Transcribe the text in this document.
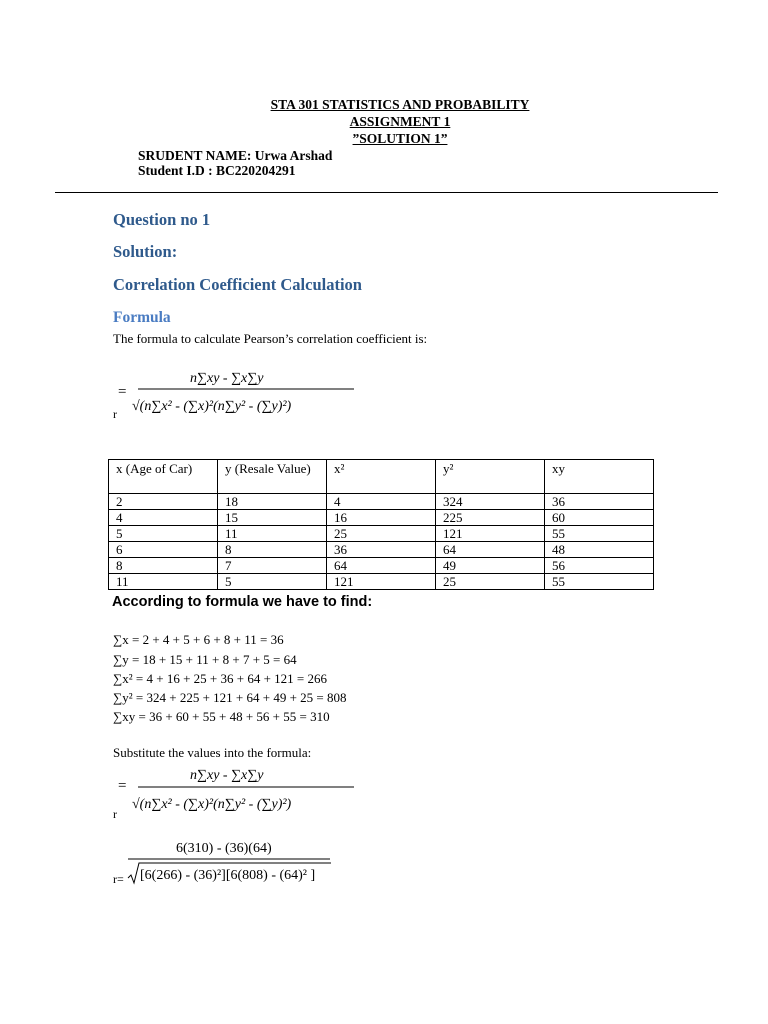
STA 301 STATISTICS AND PROBABILITY
ASSIGNMENT 1
”SOLUTION 1”
SRUDENT NAME: Urwa Arshad
Student I.D : BC220204291
Question no 1
Solution:
Correlation Coefficient Calculation
Formula
The formula to calculate Pearson’s correlation coefficient is:
=
r
n∑xy - ∑x∑y
√(n∑x² - (∑x)²(n∑y² - (∑y)²)
x (Age of Car)	y (Resale Value)	x²	y²	xy
2	18	4	324	36
4	15	16	225	60
5	11	25	121	55
6	8	36	64	48
8	7	64	49	56
11	5	121	25	55
According to formula we have to find:
∑x = 2 + 4 + 5 + 6 + 8 + 11 = 36
∑y = 18 + 15 + 11 + 8 + 7 + 5 = 64
∑x² = 4 + 16 + 25 + 36 + 64 + 121 = 266
∑y² = 324 + 225 + 121 + 64 + 49 + 25 = 808
∑xy = 36 + 60 + 55 + 48 + 56 + 55 = 310
Substitute the values into the formula:
=
r
n∑xy - ∑x∑y
√(n∑x² - (∑x)²(n∑y² - (∑y)²)
r=
6(310) - (36)(64)
[6(266) - (36)²][6(808) - (64)² ]
